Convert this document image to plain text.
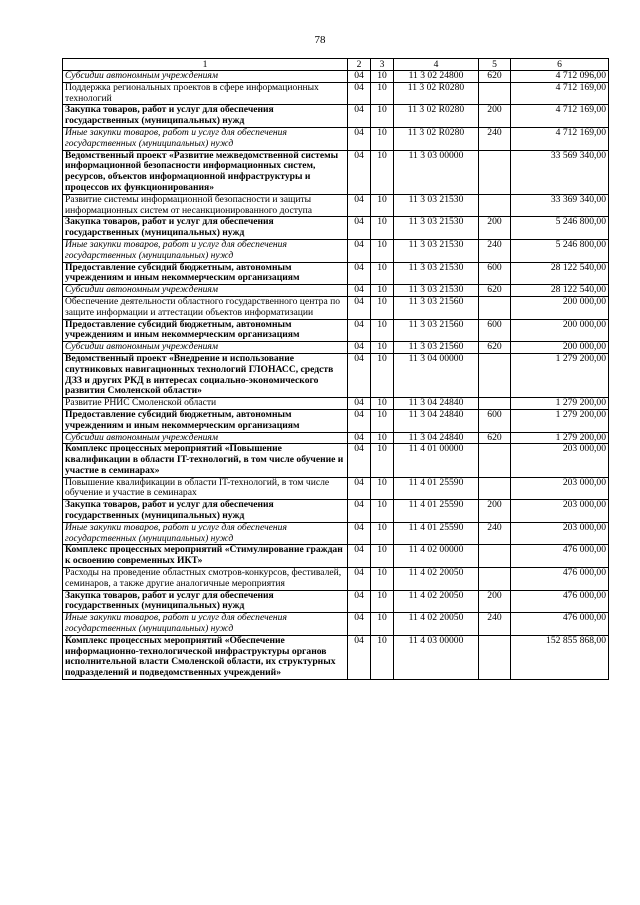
78
1	2	3	4	5	6
Субсидии автономным учреждениям	04	10	11 3 02 24800	620	4 712 096,00
Поддержка региональных проектов в сфере информационных технологий	04	10	11 3 02 R0280		4 712 169,00
Закупка товаров, работ и услуг для обеспечения государственных (муниципальных) нужд	04	10	11 3 02 R0280	200	4 712 169,00
Иные закупки товаров, работ и услуг для обеспечения государственных (муниципальных) нужд	04	10	11 3 02 R0280	240	4 712 169,00
Ведомственный проект «Развитие межведомственной системы информационной безопасности информационных систем, ресурсов, объектов информационной инфраструктуры и процессов их функционирования»	04	10	11 3 03 00000		33 569 340,00
Развитие системы информационной безопасности и защиты информационных систем от несанкционированного доступа	04	10	11 3 03 21530		33 369 340,00
Закупка товаров, работ и услуг для обеспечения государственных (муниципальных) нужд	04	10	11 3 03 21530	200	5 246 800,00
Иные закупки товаров, работ и услуг для обеспечения государственных (муниципальных) нужд	04	10	11 3 03 21530	240	5 246 800,00
Предоставление субсидий бюджетным, автономным учреждениям и иным некоммерческим организациям	04	10	11 3 03 21530	600	28 122 540,00
Субсидии автономным учреждениям	04	10	11 3 03 21530	620	28 122 540,00
Обеспечение деятельности областного государственного центра по защите информации и аттестации объектов информатизации	04	10	11 3 03 21560		200 000,00
Предоставление субсидий бюджетным, автономным учреждениям и иным некоммерческим организациям	04	10	11 3 03 21560	600	200 000,00
Субсидии автономным учреждениям	04	10	11 3 03 21560	620	200 000,00
Ведомственный проект «Внедрение и использование спутниковых навигационных технологий ГЛОНАСС, средств ДЗЗ и других РКД в интересах социально-экономического развития Смоленской области»	04	10	11 3 04 00000		1 279 200,00
Развитие РНИС Смоленской области	04	10	11 3 04 24840		1 279 200,00
Предоставление субсидий бюджетным, автономным учреждениям и иным некоммерческим организациям	04	10	11 3 04 24840	600	1 279 200,00
Субсидии автономным учреждениям	04	10	11 3 04 24840	620	1 279 200,00
Комплекс процессных мероприятий «Повышение квалификации в области IT-технологий, в том числе обучение и участие в семинарах»	04	10	11 4 01 00000		203 000,00
Повышение квалификации в области IT-технологий, в том числе обучение и участие в семинарах	04	10	11 4 01 25590		203 000,00
Закупка товаров, работ и услуг для обеспечения государственных (муниципальных) нужд	04	10	11 4 01 25590	200	203 000,00
Иные закупки товаров, работ и услуг для обеспечения государственных (муниципальных) нужд	04	10	11 4 01 25590	240	203 000,00
Комплекс процессных мероприятий «Стимулирование граждан к освоению современных ИКТ»	04	10	11 4 02 00000		476 000,00
Расходы на проведение областных смотров-конкурсов, фестивалей, семинаров, а также другие аналогичные мероприятия	04	10	11 4 02 20050		476 000,00
Закупка товаров, работ и услуг для обеспечения государственных (муниципальных) нужд	04	10	11 4 02 20050	200	476 000,00
Иные закупки товаров, работ и услуг для обеспечения государственных (муниципальных) нужд	04	10	11 4 02 20050	240	476 000,00
Комплекс процессных мероприятий «Обеспечение информационно-технологической инфраструктуры органов исполнительной власти Смоленской области, их структурных подразделений и подведомственных учреждений»	04	10	11 4 03 00000		152 855 868,00
